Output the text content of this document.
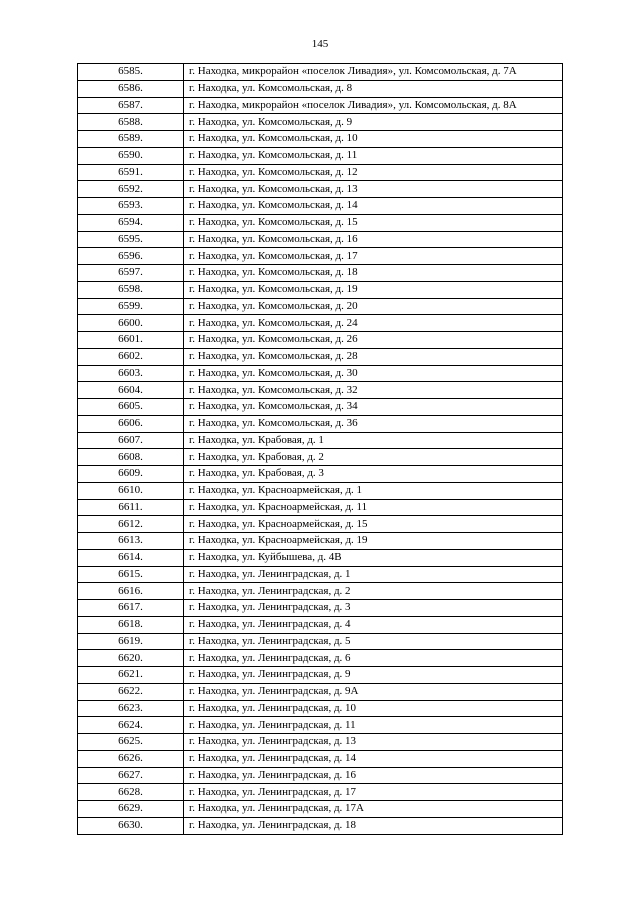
145
6585.	г. Находка, микрорайон «поселок Ливадия», ул. Комсомольская, д. 7А
6586.	г. Находка, ул. Комсомольская, д. 8
6587.	г. Находка, микрорайон «поселок Ливадия», ул. Комсомольская, д. 8А
6588.	г. Находка, ул. Комсомольская, д. 9
6589.	г. Находка, ул. Комсомольская, д. 10
6590.	г. Находка, ул. Комсомольская, д. 11
6591.	г. Находка, ул. Комсомольская, д. 12
6592.	г. Находка, ул. Комсомольская, д. 13
6593.	г. Находка, ул. Комсомольская, д. 14
6594.	г. Находка, ул. Комсомольская, д. 15
6595.	г. Находка, ул. Комсомольская, д. 16
6596.	г. Находка, ул. Комсомольская, д. 17
6597.	г. Находка, ул. Комсомольская, д. 18
6598.	г. Находка, ул. Комсомольская, д. 19
6599.	г. Находка, ул. Комсомольская, д. 20
6600.	г. Находка, ул. Комсомольская, д. 24
6601.	г. Находка, ул. Комсомольская, д. 26
6602.	г. Находка, ул. Комсомольская, д. 28
6603.	г. Находка, ул. Комсомольская, д. 30
6604.	г. Находка, ул. Комсомольская, д. 32
6605.	г. Находка, ул. Комсомольская, д. 34
6606.	г. Находка, ул. Комсомольская, д. 36
6607.	г. Находка, ул. Крабовая, д. 1
6608.	г. Находка, ул. Крабовая, д. 2
6609.	г. Находка, ул. Крабовая, д. 3
6610.	г. Находка, ул. Красноармейская, д. 1
6611.	г. Находка, ул. Красноармейская, д. 11
6612.	г. Находка, ул. Красноармейская, д. 15
6613.	г. Находка, ул. Красноармейская, д. 19
6614.	г. Находка, ул. Куйбышева, д. 4В
6615.	г. Находка, ул. Ленинградская, д. 1
6616.	г. Находка, ул. Ленинградская, д. 2
6617.	г. Находка, ул. Ленинградская, д. 3
6618.	г. Находка, ул. Ленинградская, д. 4
6619.	г. Находка, ул. Ленинградская, д. 5
6620.	г. Находка, ул. Ленинградская, д. 6
6621.	г. Находка, ул. Ленинградская, д. 9
6622.	г. Находка, ул. Ленинградская, д. 9А
6623.	г. Находка, ул. Ленинградская, д. 10
6624.	г. Находка, ул. Ленинградская, д. 11
6625.	г. Находка, ул. Ленинградская, д. 13
6626.	г. Находка, ул. Ленинградская, д. 14
6627.	г. Находка, ул. Ленинградская, д. 16
6628.	г. Находка, ул. Ленинградская, д. 17
6629.	г. Находка, ул. Ленинградская, д. 17А
6630.	г. Находка, ул. Ленинградская, д. 18
